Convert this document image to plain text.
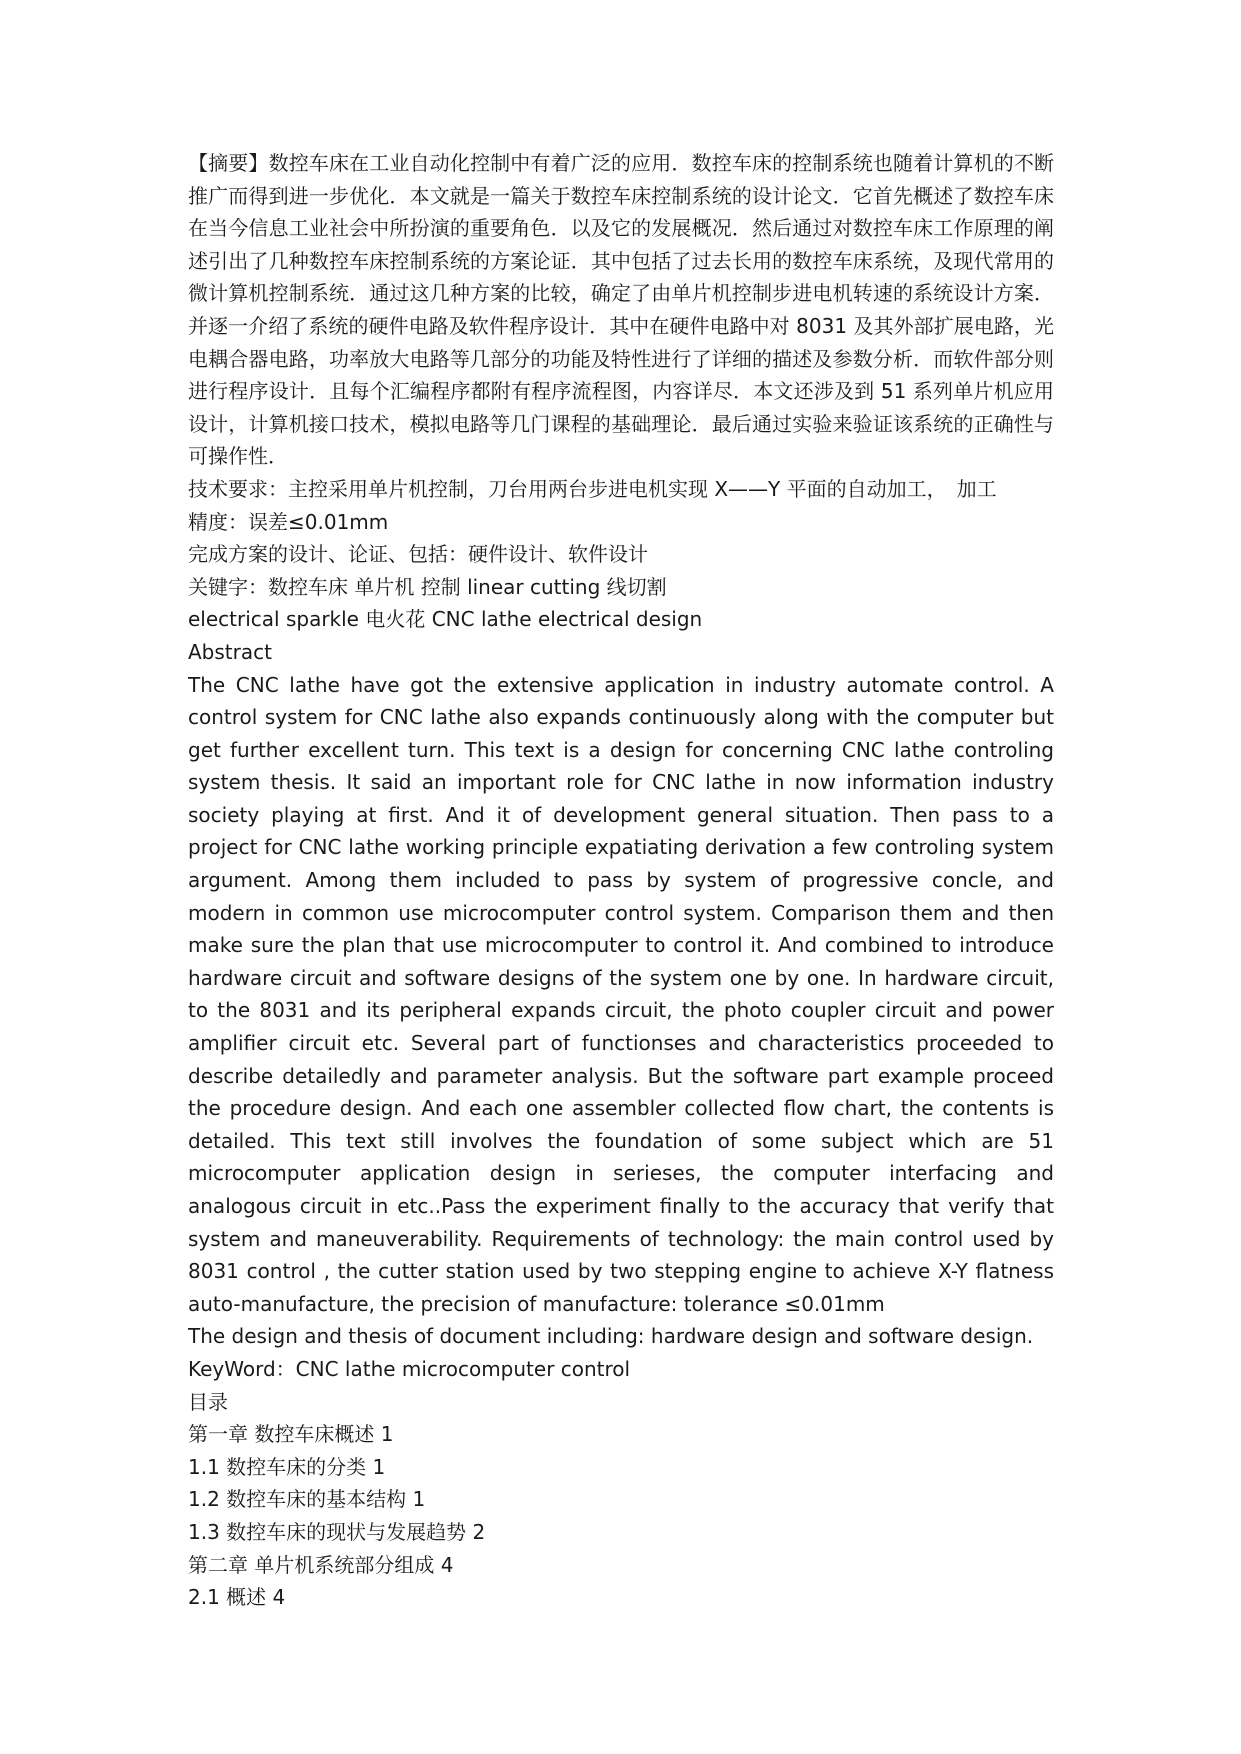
【摘要】数控车床在工业自动化控制中有着广泛的应用．数控车床的控制系统也随着计算机的不断推广而得到进一步优化．本文就是一篇关于数控车床控制系统的设计论文．它首先概述了数控车床在当今信息工业社会中所扮演的重要角色．以及它的发展概况．然后通过对数控车床工作原理的阐述引出了几种数控车床控制系统的方案论证．其中包括了过去长用的数控车床系统，及现代常用的微计算机控制系统．通过这几种方案的比较，确定了由单片机控制步进电机转速的系统设计方案．并逐一介绍了系统的硬件电路及软件程序设计．其中在硬件电路中对 8031 及其外部扩展电路，光电耦合器电路，功率放大电路等几部分的功能及特性进行了详细的描述及参数分析．而软件部分则进行程序设计．且每个汇编程序都附有程序流程图，内容详尽．本文还涉及到 51 系列单片机应用设计，计算机接口技术，模拟电路等几门课程的基础理论．最后通过实验来验证该系统的正确性与可操作性．

技术要求：主控采用单片机控制，刀台用两台步进电机实现 X——Y 平面的自动加工，　加工
精度：误差≤0.01mm
完成方案的设计、论证、包括：硬件设计、软件设计
关键字：数控车床 单片机 控制 linear cutting 线切割
electrical sparkle 电火花 CNC lathe electrical design
Abstract

The CNC lathe have got the extensive application in industry automate control. A control system for CNC lathe also expands continuously along with the computer but get further excellent turn. This text is a design for concerning CNC lathe controling system thesis. It said an important role for CNC lathe in now information industry society playing at first. And it of development general situation. Then pass to a project for CNC lathe working principle expatiating derivation a few controling system argument. Among them included to pass by system of progressive concle, and modern in common use microcomputer control system. Comparison them and then make sure the plan that use microcomputer to control it. And combined to introduce hardware circuit and software designs of the system one by one. In hardware circuit, to the 8031 and its peripheral expands circuit, the photo coupler circuit and power amplifier circuit etc. Several part of functionses and characteristics proceeded to describe detailedly and parameter analysis. But the software part example proceed the procedure design. And each one assembler collected flow chart, the contents is detailed. This text still involves the foundation of some subject which are 51 microcomputer application design in serieses, the computer interfacing and analogous circuit in etc..Pass the experiment finally to the accuracy that verify that system and maneuverability. Requirements of technology: the main control used by 8031 control , the cutter station used by two stepping engine to achieve X-Y flatness auto-manufacture, the precision of manufacture: tolerance ≤0.01mm

The design and thesis of document including: hardware design and software design.
KeyWord：CNC lathe microcomputer control
目录
第一章 数控车床概述 1
1.1 数控车床的分类 1
1.2 数控车床的基本结构 1
1.3 数控车床的现状与发展趋势 2
第二章 单片机系统部分组成 4
2.1 概述 4
